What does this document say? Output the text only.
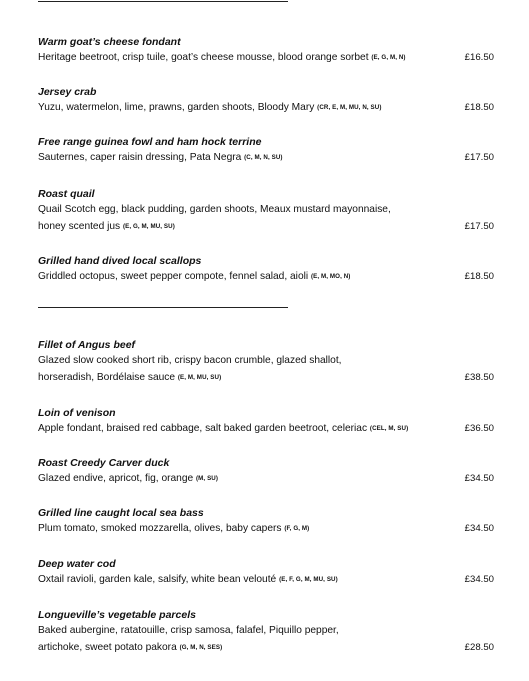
Warm goat’s cheese fondant
Heritage beetroot, crisp tuile, goat’s cheese mousse, blood orange sorbet (E, G, M, N)	£16.50
Jersey crab
Yuzu, watermelon, lime, prawns, garden shoots, Bloody Mary (CR, E, M, MU, N, SU)	£18.50
Free range guinea fowl and ham hock terrine
Sauternes, caper raisin dressing, Pata Negra (C, M, N, SU)	£17.50
Roast quail
Quail Scotch egg, black pudding, garden shoots, Meaux mustard mayonnaise,
honey scented jus (E, G, M, MU, SU)	£17.50
Grilled hand dived local scallops
Griddled octopus, sweet pepper compote, fennel salad, aioli (E, M, MO, N)	£18.50
Fillet of Angus beef
Glazed slow cooked short rib, crispy bacon crumble, glazed shallot,
horseradish, Bordélaise sauce (E, M, MU, SU)	£38.50
Loin of venison
Apple fondant, braised red cabbage, salt baked garden beetroot, celeriac (CEL, M, SU)	£36.50
Roast Creedy Carver duck
Glazed endive, apricot, fig, orange (M, SU)	£34.50
Grilled line caught local sea bass
Plum tomato, smoked mozzarella, olives, baby capers (F, G, M)	£34.50
Deep water cod
Oxtail ravioli, garden kale, salsify, white bean velouté (E, F, G, M, MU, SU)	£34.50
Longueville’s vegetable parcels
Baked aubergine, ratatouille, crisp samosa, falafel, Piquillo pepper,
artichoke, sweet potato pakora (G, M, N, SES)	£28.50
